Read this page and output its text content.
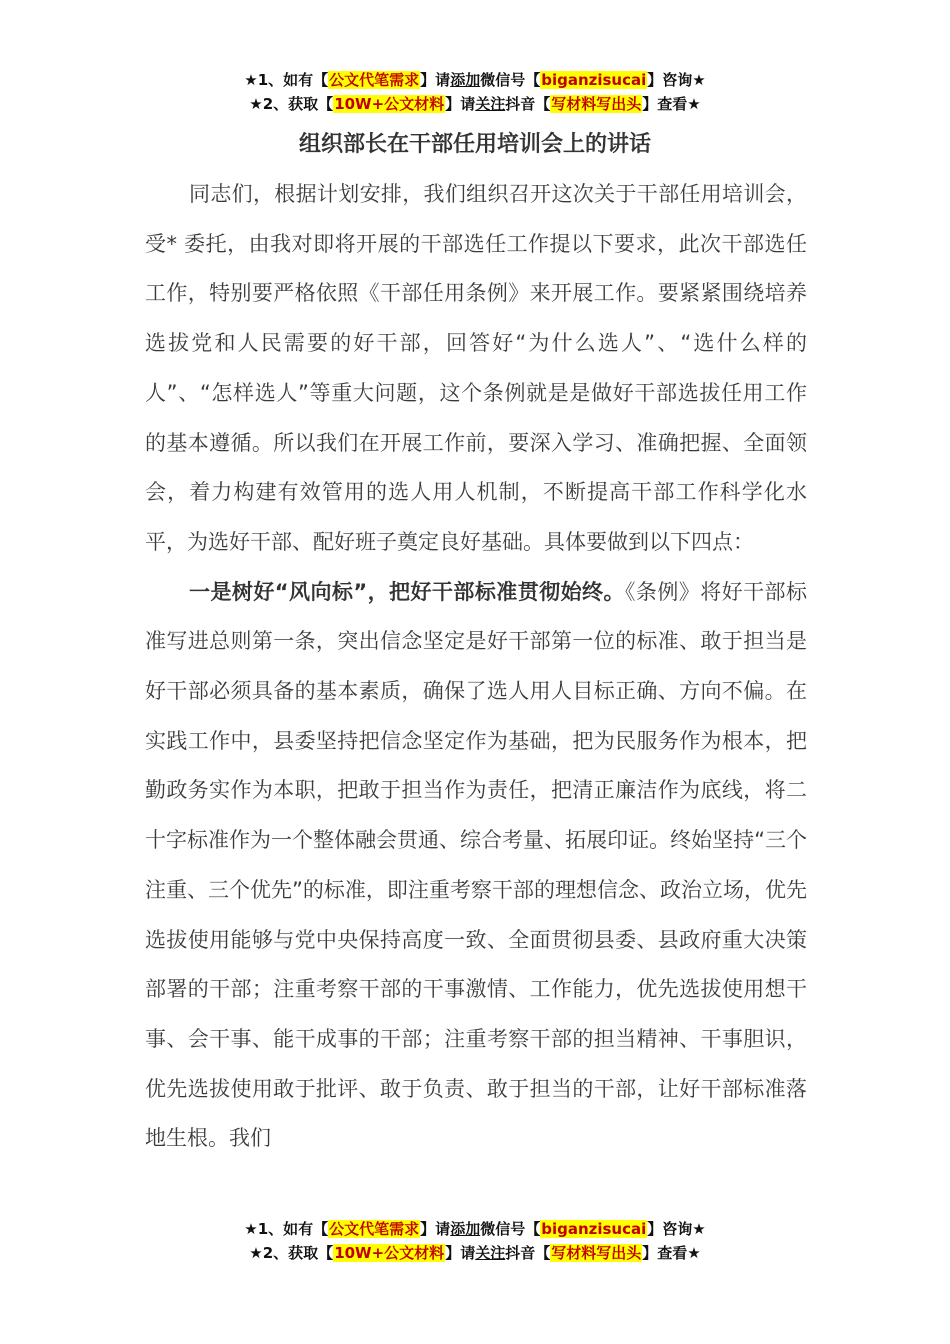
★1、如有【公文代笔需求】请添加微信号【biganzisucai】咨询★
★2、获取【10W+公文材料】请关注抖音【写材料写出头】查看★
组织部长在干部任用培训会上的讲话

同志们，根据计划安排，我们组织召开这次关于干部任用培训会，受* 委托，由我对即将开展的干部选任工作提以下要求，此次干部选任工作，特别要严格依照《干部任用条例》来开展工作。要紧紧围绕培养选拔党和人民需要的好干部，回答好“为什么选人”、“选什么样的人”、“怎样选人”等重大问题，这个条例就是是做好干部选拔任用工作的基本遵循。所以我们在开展工作前，要深入学习、准确把握、全面领会，着力构建有效管用的选人用人机制，不断提高干部工作科学化水平，为选好干部、配好班子奠定良好基础。具体要做到以下四点：

一是树好“风向标”，把好干部标准贯彻始终。《条例》将好干部标准写进总则第一条，突出信念坚定是好干部第一位的标准、敢于担当是好干部必须具备的基本素质，确保了选人用人目标正确、方向不偏。在实践工作中，县委坚持把信念坚定作为基础，把为民服务作为根本，把勤政务实作为本职，把敢于担当作为责任，把清正廉洁作为底线，将二十字标准作为一个整体融会贯通、综合考量、拓展印证。终始坚持“三个注重、三个优先”的标准，即注重考察干部的理想信念、政治立场，优先选拔使用能够与党中央保持高度一致、全面贯彻县委、县政府重大决策部署的干部；注重考察干部的干事激情、工作能力，优先选拔使用想干事、会干事、能干成事的干部；注重考察干部的担当精神、干事胆识，优先选拔使用敢于批评、敢于负责、敢于担当的干部，让好干部标准落地生根。我们

★1、如有【公文代笔需求】请添加微信号【biganzisucai】咨询★
★2、获取【10W+公文材料】请关注抖音【写材料写出头】查看★
